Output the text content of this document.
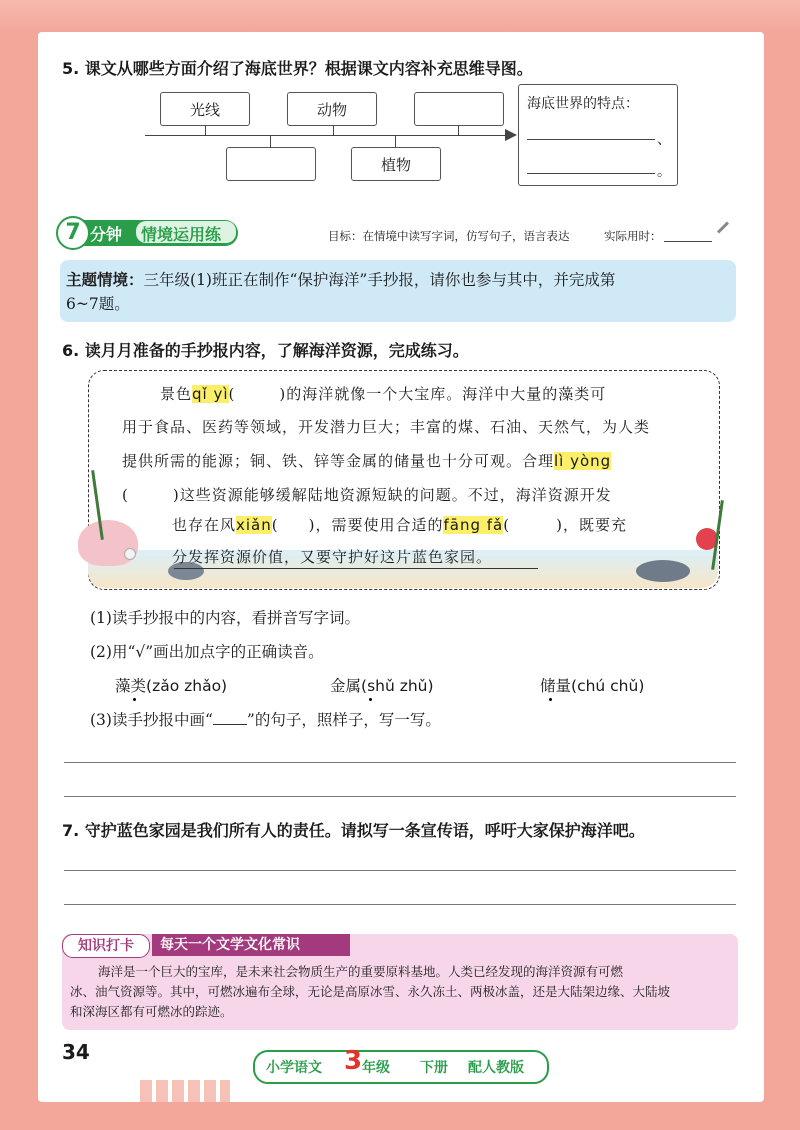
5. 课文从哪些方面介绍了海底世界？根据课文内容补充思维导图。
光线	动物
植物
海底世界的特点：
、
。
7 分钟 情境运用练	目标：在情境中读写字词，仿写句子，语言表达	实际用时：
主题情境：三年级(1)班正在制作“保护海洋”手抄报，请你也参与其中，并完成第
6~7题。
6. 读月月准备的手抄报内容，了解海洋资源，完成练习。
景色qǐ yì(	)的海洋就像一个大宝库。海洋中大量的藻类可
用于食品、医药等领域，开发潜力巨大；丰富的煤、石油、天然气，为人类
提供所需的能源；铜、铁、锌等金属的储量也十分可观。合理lì yòng
(	)这些资源能够缓解陆地资源短缺的问题。不过，海洋资源开发
也存在风xiǎn( )，需要使用合适的fāng fǎ(	)，既要充
分发挥资源价值，又要守护好这片蓝色家园。
(1)读手抄报中的内容，看拼音写字词。
(2)用“√”画出加点字的正确读音。
藻类(zǎo zhǎo)	金属(shǔ zhǔ)	储量(chú chǔ)
(3)读手抄报中画“ ”的句子，照样子，写一写。
7. 守护蓝色家园是我们所有人的责任。请拟写一条宣传语，呼吁大家保护海洋吧。
知识打卡	每天一个文学文化常识
海洋是一个巨大的宝库，是未来社会物质生产的重要原料基地。人类已经发现的海洋资源有可燃
冰、油气资源等。其中，可燃冰遍布全球，无论是高原冰雪、永久冻土、两极冰盖，还是大陆架边缘、大陆坡
和深海区都有可燃冰的踪迹。
34
小学语文 3 年级 下册 配人教版
